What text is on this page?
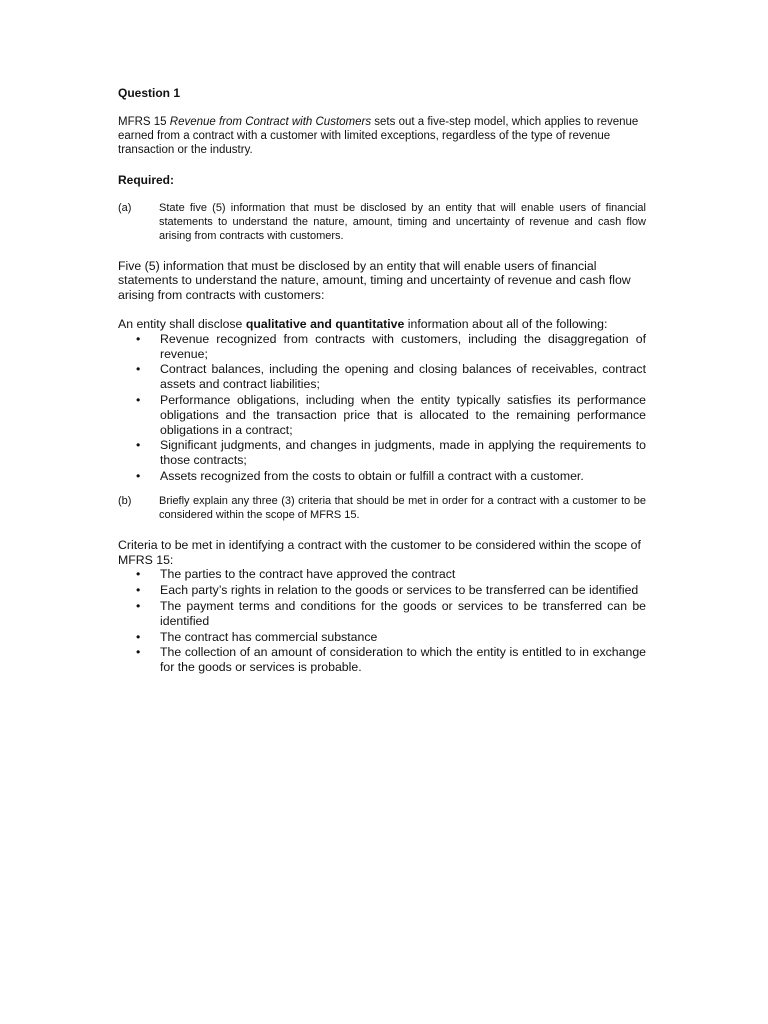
Question 1

MFRS 15 Revenue from Contract with Customers sets out a five-step model, which applies to revenue earned from a contract with a customer with limited exceptions, regardless of the type of revenue transaction or the industry.

Required:
(a)	State five (5) information that must be disclosed by an entity that will enable users of financial statements to understand the nature, amount, timing and uncertainty of revenue and cash flow arising from contracts with customers.

Five (5) information that must be disclosed by an entity that will enable users of financial statements to understand the nature, amount, timing and uncertainty of revenue and cash flow arising from contracts with customers:

An entity shall disclose qualitative and quantitative information about all of the following:

•	Revenue recognized from contracts with customers, including the disaggregation of revenue;
•	Contract balances, including the opening and closing balances of receivables, contract assets and contract liabilities;
•	Performance obligations, including when the entity typically satisfies its performance obligations and the transaction price that is allocated to the remaining performance obligations in a contract;
•	Significant judgments, and changes in judgments, made in applying the requirements to those contracts;
•	Assets recognized from the costs to obtain or fulfill a contract with a customer.
(b)	Briefly explain any three (3) criteria that should be met in order for a contract with a customer to be considered within the scope of MFRS 15.

Criteria to be met in identifying a contract with the customer to be considered within the scope of MFRS 15:

•	The parties to the contract have approved the contract
•	Each party’s rights in relation to the goods or services to be transferred can be identified
•	The payment terms and conditions for the goods or services to be transferred can be identified
•	The contract has commercial substance
•	The collection of an amount of consideration to which the entity is entitled to in exchange for the goods or services is probable.
